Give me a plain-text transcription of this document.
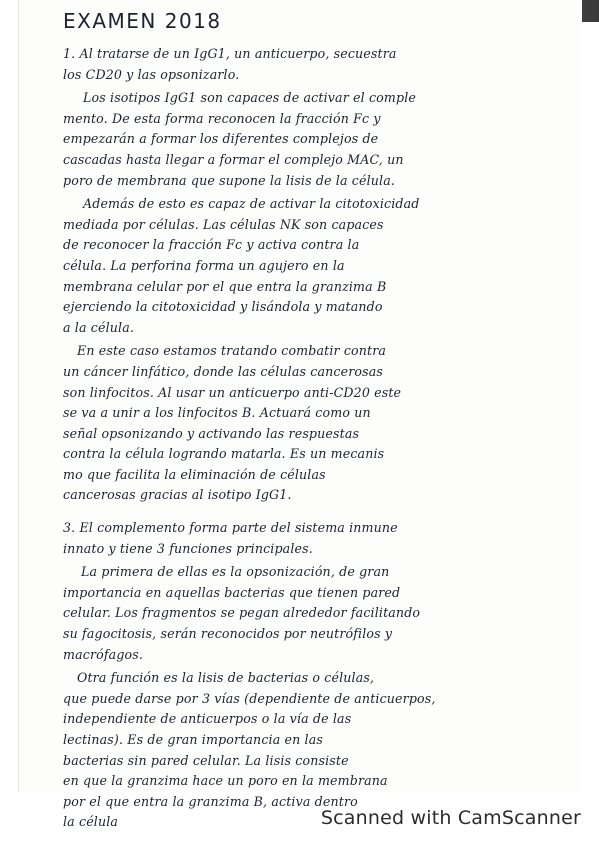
EXAMEN 2018
1. Al tratarse de un IgG1, un anticuerpo, secuestra
los CD20 y las opsonizarlo.
Los isotipos IgG1 son capaces de activar el comple
mento. De esta forma reconocen la fracción Fc y
empezarán a formar los diferentes complejos de
cascadas hasta llegar a formar el complejo MAC, un
poro de membrana que supone la lisis de la célula.
Además de esto es capaz de activar la citotoxicidad
mediada por células. Las células NK son capaces
de reconocer la fracción Fc y activa contra la
célula. La perforina forma un agujero en la
membrana celular por el que entra la granzima B
ejerciendo la citotoxicidad y lisándola y matando
a la célula.
En este caso estamos tratando combatir contra
un cáncer linfático, donde las células cancerosas
son linfocitos. Al usar un anticuerpo anti-CD20 este
se va a unir a los linfocitos B. Actuará como un
señal opsonizando y activando las respuestas
contra la célula logrando matarla. Es un mecanis
mo que facilita la eliminación de células
cancerosas gracias al isotipo IgG1.
3. El complemento forma parte del sistema inmune
innato y tiene 3 funciones principales.
La primera de ellas es la opsonización, de gran
importancia en aquellas bacterias que tienen pared
celular. Los fragmentos se pegan alrededor facilitando
su fagocitosis, serán reconocidos por neutrófilos y
macrófagos.
Otra función es la lisis de bacterias o células,
que puede darse por 3 vías (dependiente de anticuerpos,
independiente de anticuerpos o la vía de las
lectinas). Es de gran importancia en las
bacterias sin pared celular. La lisis consiste
en que la granzima hace un poro en la membrana
por el que entra la granzima B, activa dentro
la célula	Scanned with CamScanner
